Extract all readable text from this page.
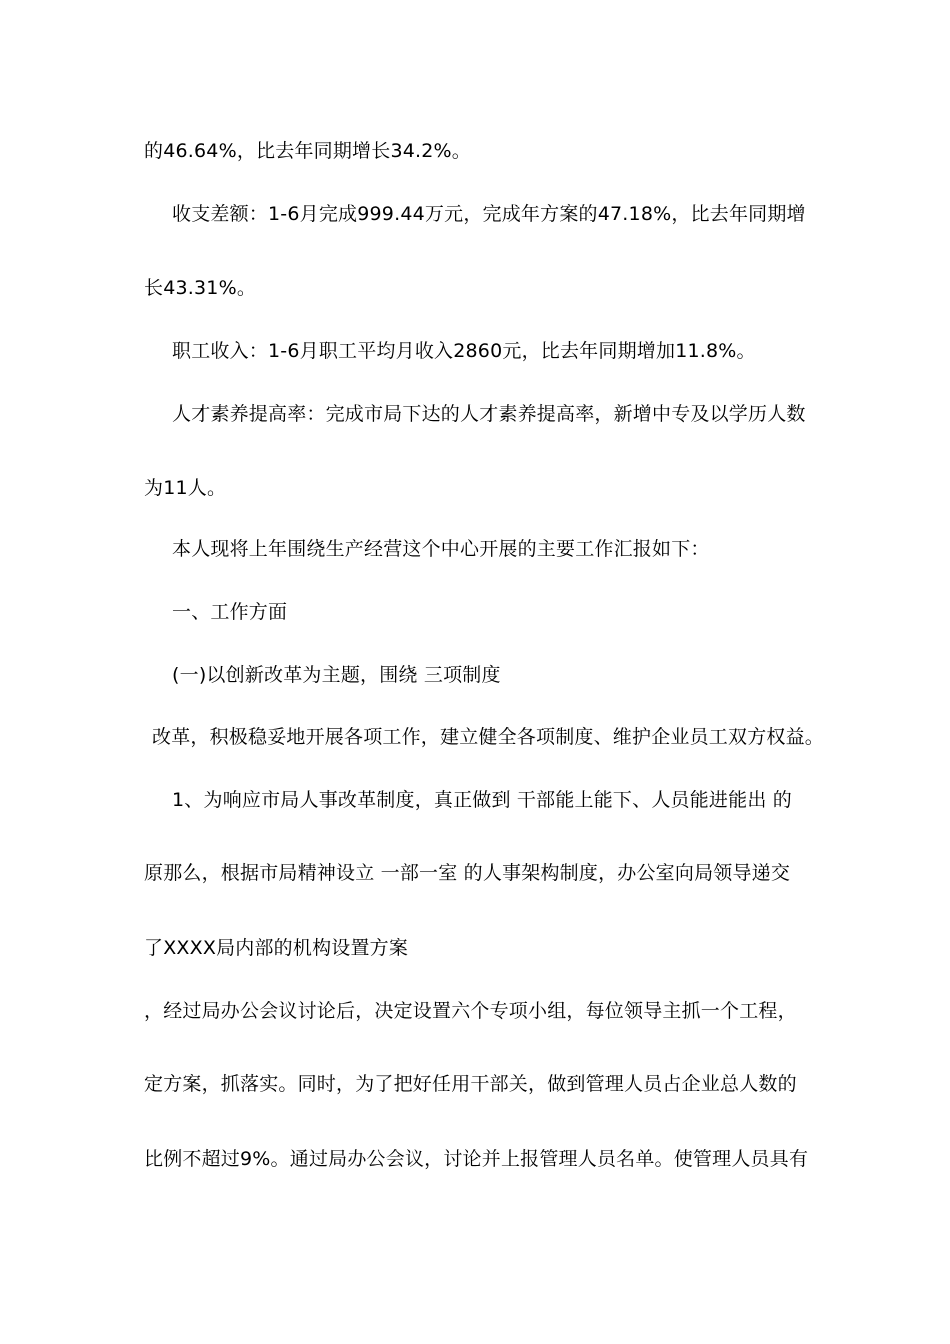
的46.64%，比去年同期增长34.2%。
收支差额：1-6月完成999.44万元，完成年方案的47.18%，比去年同期增
长43.31%。
职工收入：1-6月职工平均月收入2860元，比去年同期增加11.8%。
人才素养提高率：完成市局下达的人才素养提高率，新增中专及以学历人数
为11人。
本人现将上年围绕生产经营这个中心开展的主要工作汇报如下：
一、工作方面
(一)以创新改革为主题，围绕 三项制度
改革，积极稳妥地开展各项工作，建立健全各项制度、维护企业员工双方权益。
1、为响应市局人事改革制度，真正做到 干部能上能下、人员能进能出 的
原那么，根据市局精神设立 一部一室 的人事架构制度，办公室向局领导递交
了XXXX局内部的机构设置方案
，经过局办公会议讨论后，决定设置六个专项小组，每位领导主抓一个工程，
定方案，抓落实。同时，为了把好任用干部关，做到管理人员占企业总人数的
比例不超过9%。通过局办公会议，讨论并上报管理人员名单。使管理人员具有
